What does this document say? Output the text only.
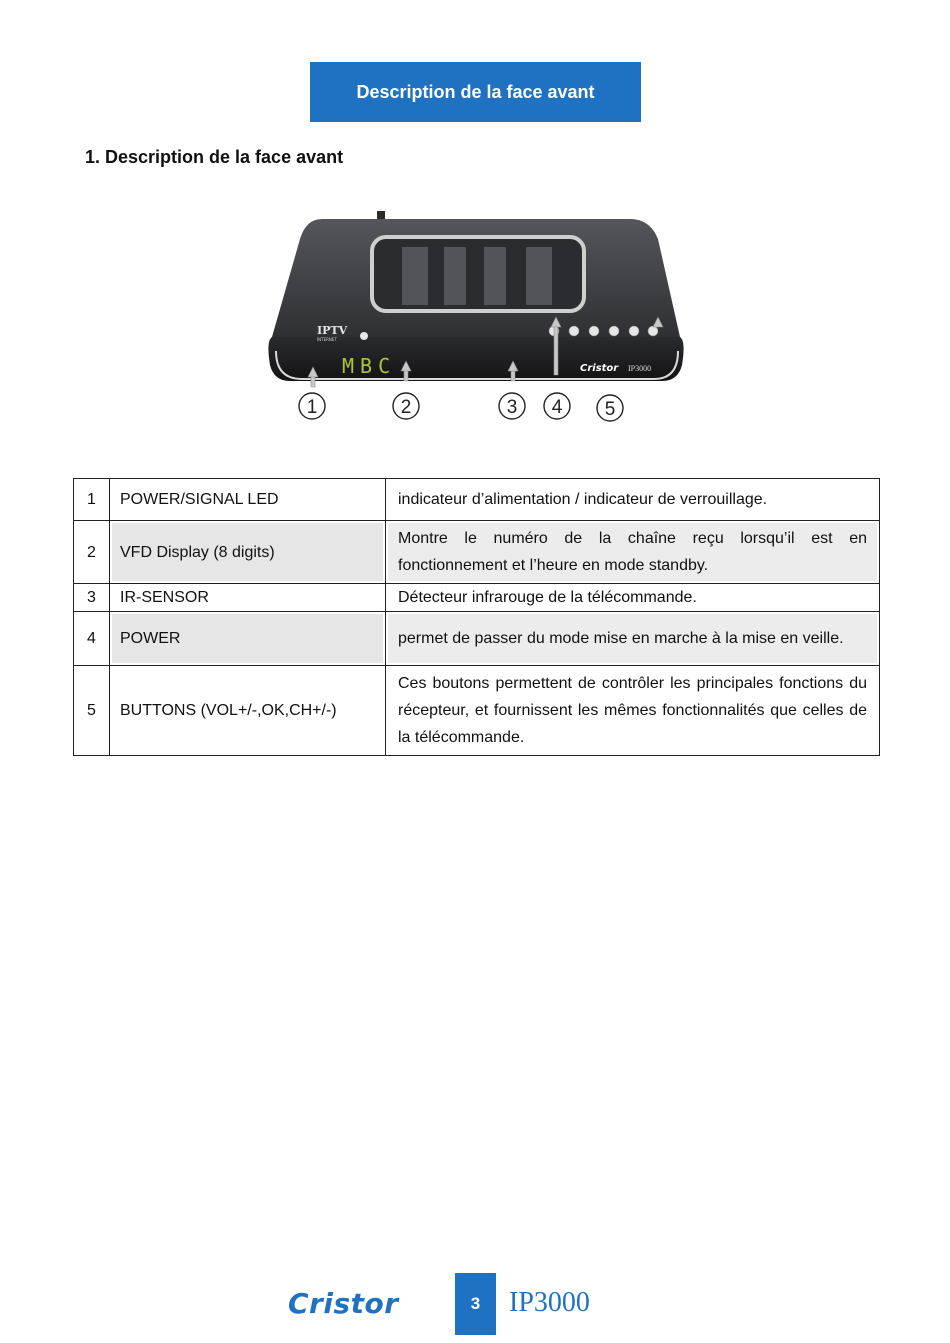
Description de la face avant
1. Description de la face avant
IPTV
INTERNET
MBC	Cristor IP3000
1	2	3 4 5
1	POWER/SIGNAL LED	indicateur d’alimentation / indicateur de verrouillage.
2	VFD Display (8 digits)	Montre le numéro de la chaîne reçu lorsqu’il est en fonctionnement et l’heure en mode standby.
3	IR-SENSOR	Détecteur infrarouge de la télécommande.
4	POWER	permet de passer du mode mise en marche à la mise en veille.
5	BUTTONS (VOL+/-,OK,CH+/-)	Ces boutons permettent de contrôler les principales fonctions du récepteur, et fournissent les mêmes fonctionnalités que celles de la télécommande.
Cristor	3	IP3000
